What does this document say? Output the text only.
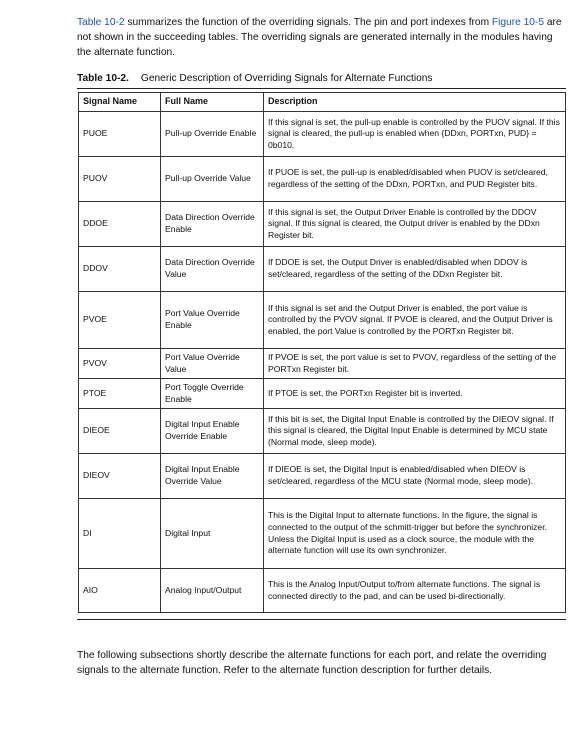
Table 10-2 summarizes the function of the overriding signals. The pin and port indexes from Figure 10-5 are not shown in the succeeding tables. The overriding signals are generated internally in the modules having the alternate function.
Table 10-2. Generic Description of Overriding Signals for Alternate Functions
Signal Name	Full Name	Description
PUOE	Pull-up Override Enable	If this signal is set, the pull-up enable is controlled by the PUOV signal. If this signal is cleared, the pull-up is enabled when {DDxn, PORTxn, PUD} = 0b010.
PUOV	Pull-up Override Value	If PUOE is set, the pull-up is enabled/disabled when PUOV is set/cleared, regardless of the setting of the DDxn, PORTxn, and PUD Register bits.
DDOE	Data Direction Override Enable	If this signal is set, the Output Driver Enable is controlled by the DDOV signal. If this signal is cleared, the Output driver is enabled by the DDxn Register bit.
DDOV	Data Direction Override Value	If DDOE is set, the Output Driver is enabled/disabled when DDOV is set/cleared, regardless of the setting of the DDxn Register bit.
PVOE	Port Value Override Enable	If this signal is set and the Output Driver is enabled, the port value is controlled by the PVOV signal. If PVOE is cleared, and the Output Driver is enabled, the port Value is controlled by the PORTxn Register bit.
PVOV	Port Value Override Value	If PVOE is set, the port value is set to PVOV, regardless of the setting of the PORTxn Register bit.
PTOE	Port Toggle Override Enable	If PTOE is set, the PORTxn Register bit is inverted.
DIEOE	Digital Input Enable Override Enable	If this bit is set, the Digital Input Enable is controlled by the DIEOV signal. If this signal is cleared, the Digital Input Enable is determined by MCU state (Normal mode, sleep mode).
DIEOV	Digital Input Enable Override Value	If DIEOE is set, the Digital Input is enabled/disabled when DIEOV is set/cleared, regardless of the MCU state (Normal mode, sleep mode).
DI	Digital Input	This is the Digital Input to alternate functions. In the figure, the signal is connected to the output of the schmitt-trigger but before the synchronizer. Unless the Digital Input is used as a clock source, the module with the alternate function will use its own synchronizer.
AIO	Analog Input/Output	This is the Analog Input/Output to/from alternate functions. The signal is connected directly to the pad, and can be used bi-directionally.
The following subsections shortly describe the alternate functions for each port, and relate the overriding signals to the alternate function. Refer to the alternate function description for further details.
